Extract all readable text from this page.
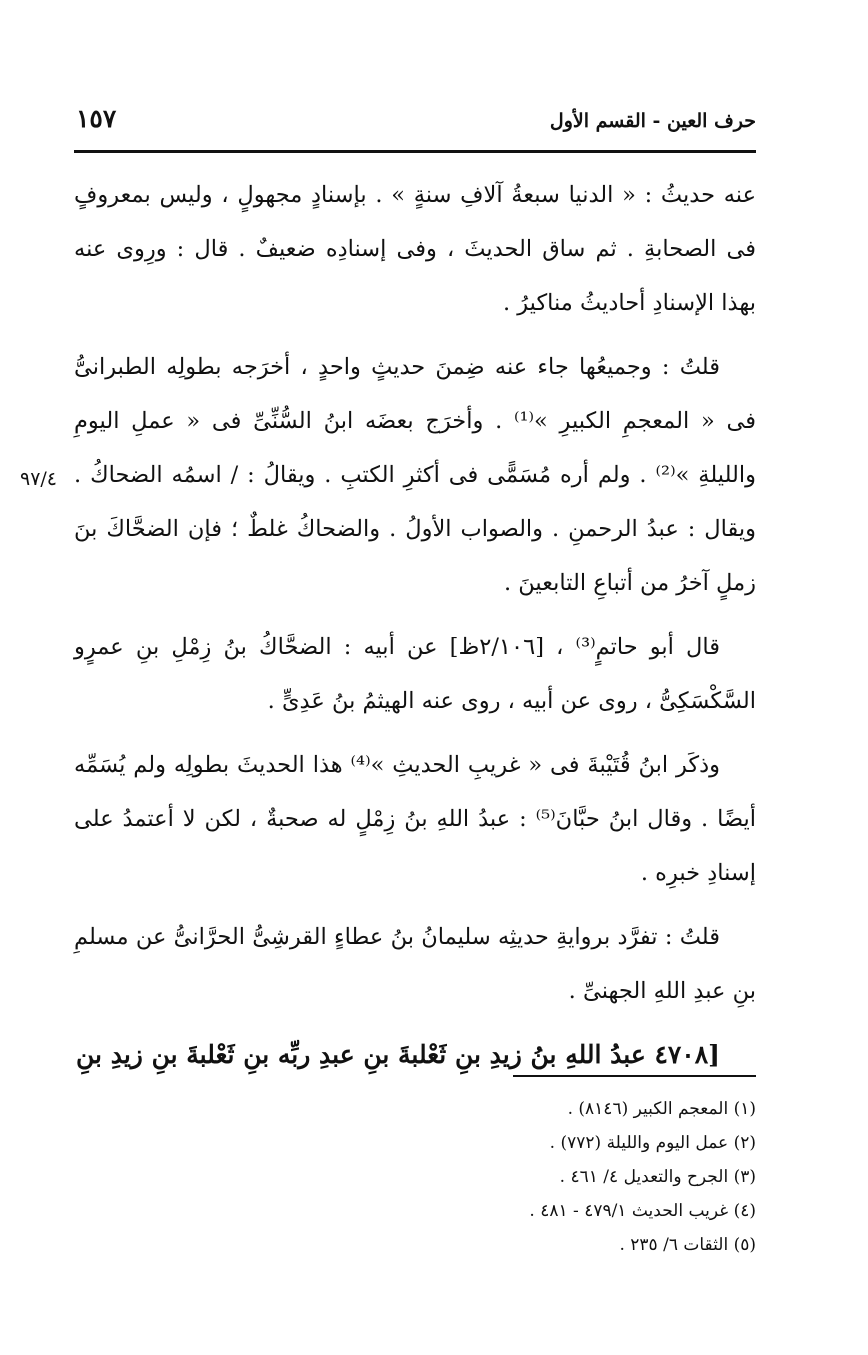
١٥٧	حرف العين - القسم الأول
٩٧/٤

عنه حديثُ : « الدنيا سبعةُ آلافِ سنةٍ » . بإسنادٍ مجهولٍ ، وليس بمعروفٍ فى الصحابةِ . ثم ساق الحديثَ ، وفى إسنادِه ضعيفٌ . قال : ورِوى عنه بهذا الإسنادِ أحاديثُ مناكيرُ .

قلتُ : وجميعُها جاء عنه ضِمنَ حديثٍ واحدٍ ، أخرَجه بطولِه الطبرانىُّ فى « المعجمِ الكبيرِ »⁽¹⁾ . وأخرَج بعضَه ابنُ السُّنِّىِّ فى « عملِ اليومِ والليلةِ »⁽²⁾ . ولم أره مُسَمًّى فى أكثرِ الكتبِ . ويقالُ : / اسمُه الضحاكُ . ويقال : عبدُ الرحمنِ . والصواب الأولُ . والضحاكُ غلطٌ ؛ فإن الضحَّاكَ بنَ زملٍ آخرُ من أتباعِ التابعينَ .

قال أبو حاتمٍ⁽³⁾ ، [٢/١٠٦ظ] عن أبيه : الضحَّاكُ بنُ زِمْلِ بنِ عمرٍو السَّكْسَكِىُّ ، روى عن أبيه ، روى عنه الهيثمُ بنُ عَدِىٍّ .

وذكَر ابنُ قُتَيْبةَ فى « غريبِ الحديثِ »⁽⁴⁾ هذا الحديثَ بطولِه ولم يُسَمِّه أيضًا . وقال ابنُ حبَّانَ⁽⁵⁾ : عبدُ اللهِ بنُ زِمْلٍ له صحبةٌ ، لكن لا أعتمدُ على إسنادِ خبرِه .

قلتُ : تفرَّد بروايةِ حديثِه سليمانُ بنُ عطاءٍ القرشِىُّ الحرَّانىُّ عن مسلمِ بنِ عبدِ اللهِ الجهنىِّ .

[٤٧٠٨ عبدُ اللهِ بنُ زيدِ بنِ ثَعْلبةَ بنِ عبدِ ربِّه بنِ ثَعْلبةَ بنِ زيدِ بنِ

(١) المعجم الكبير (٨١٤٦) .
(٢) عمل اليوم والليلة (٧٧٢) .
(٣) الجرح والتعديل ٤/ ٤٦١ .
(٤) غريب الحديث ٤٧٩/١ - ٤٨١ .
(٥) الثقات ٦/ ٢٣٥ .
